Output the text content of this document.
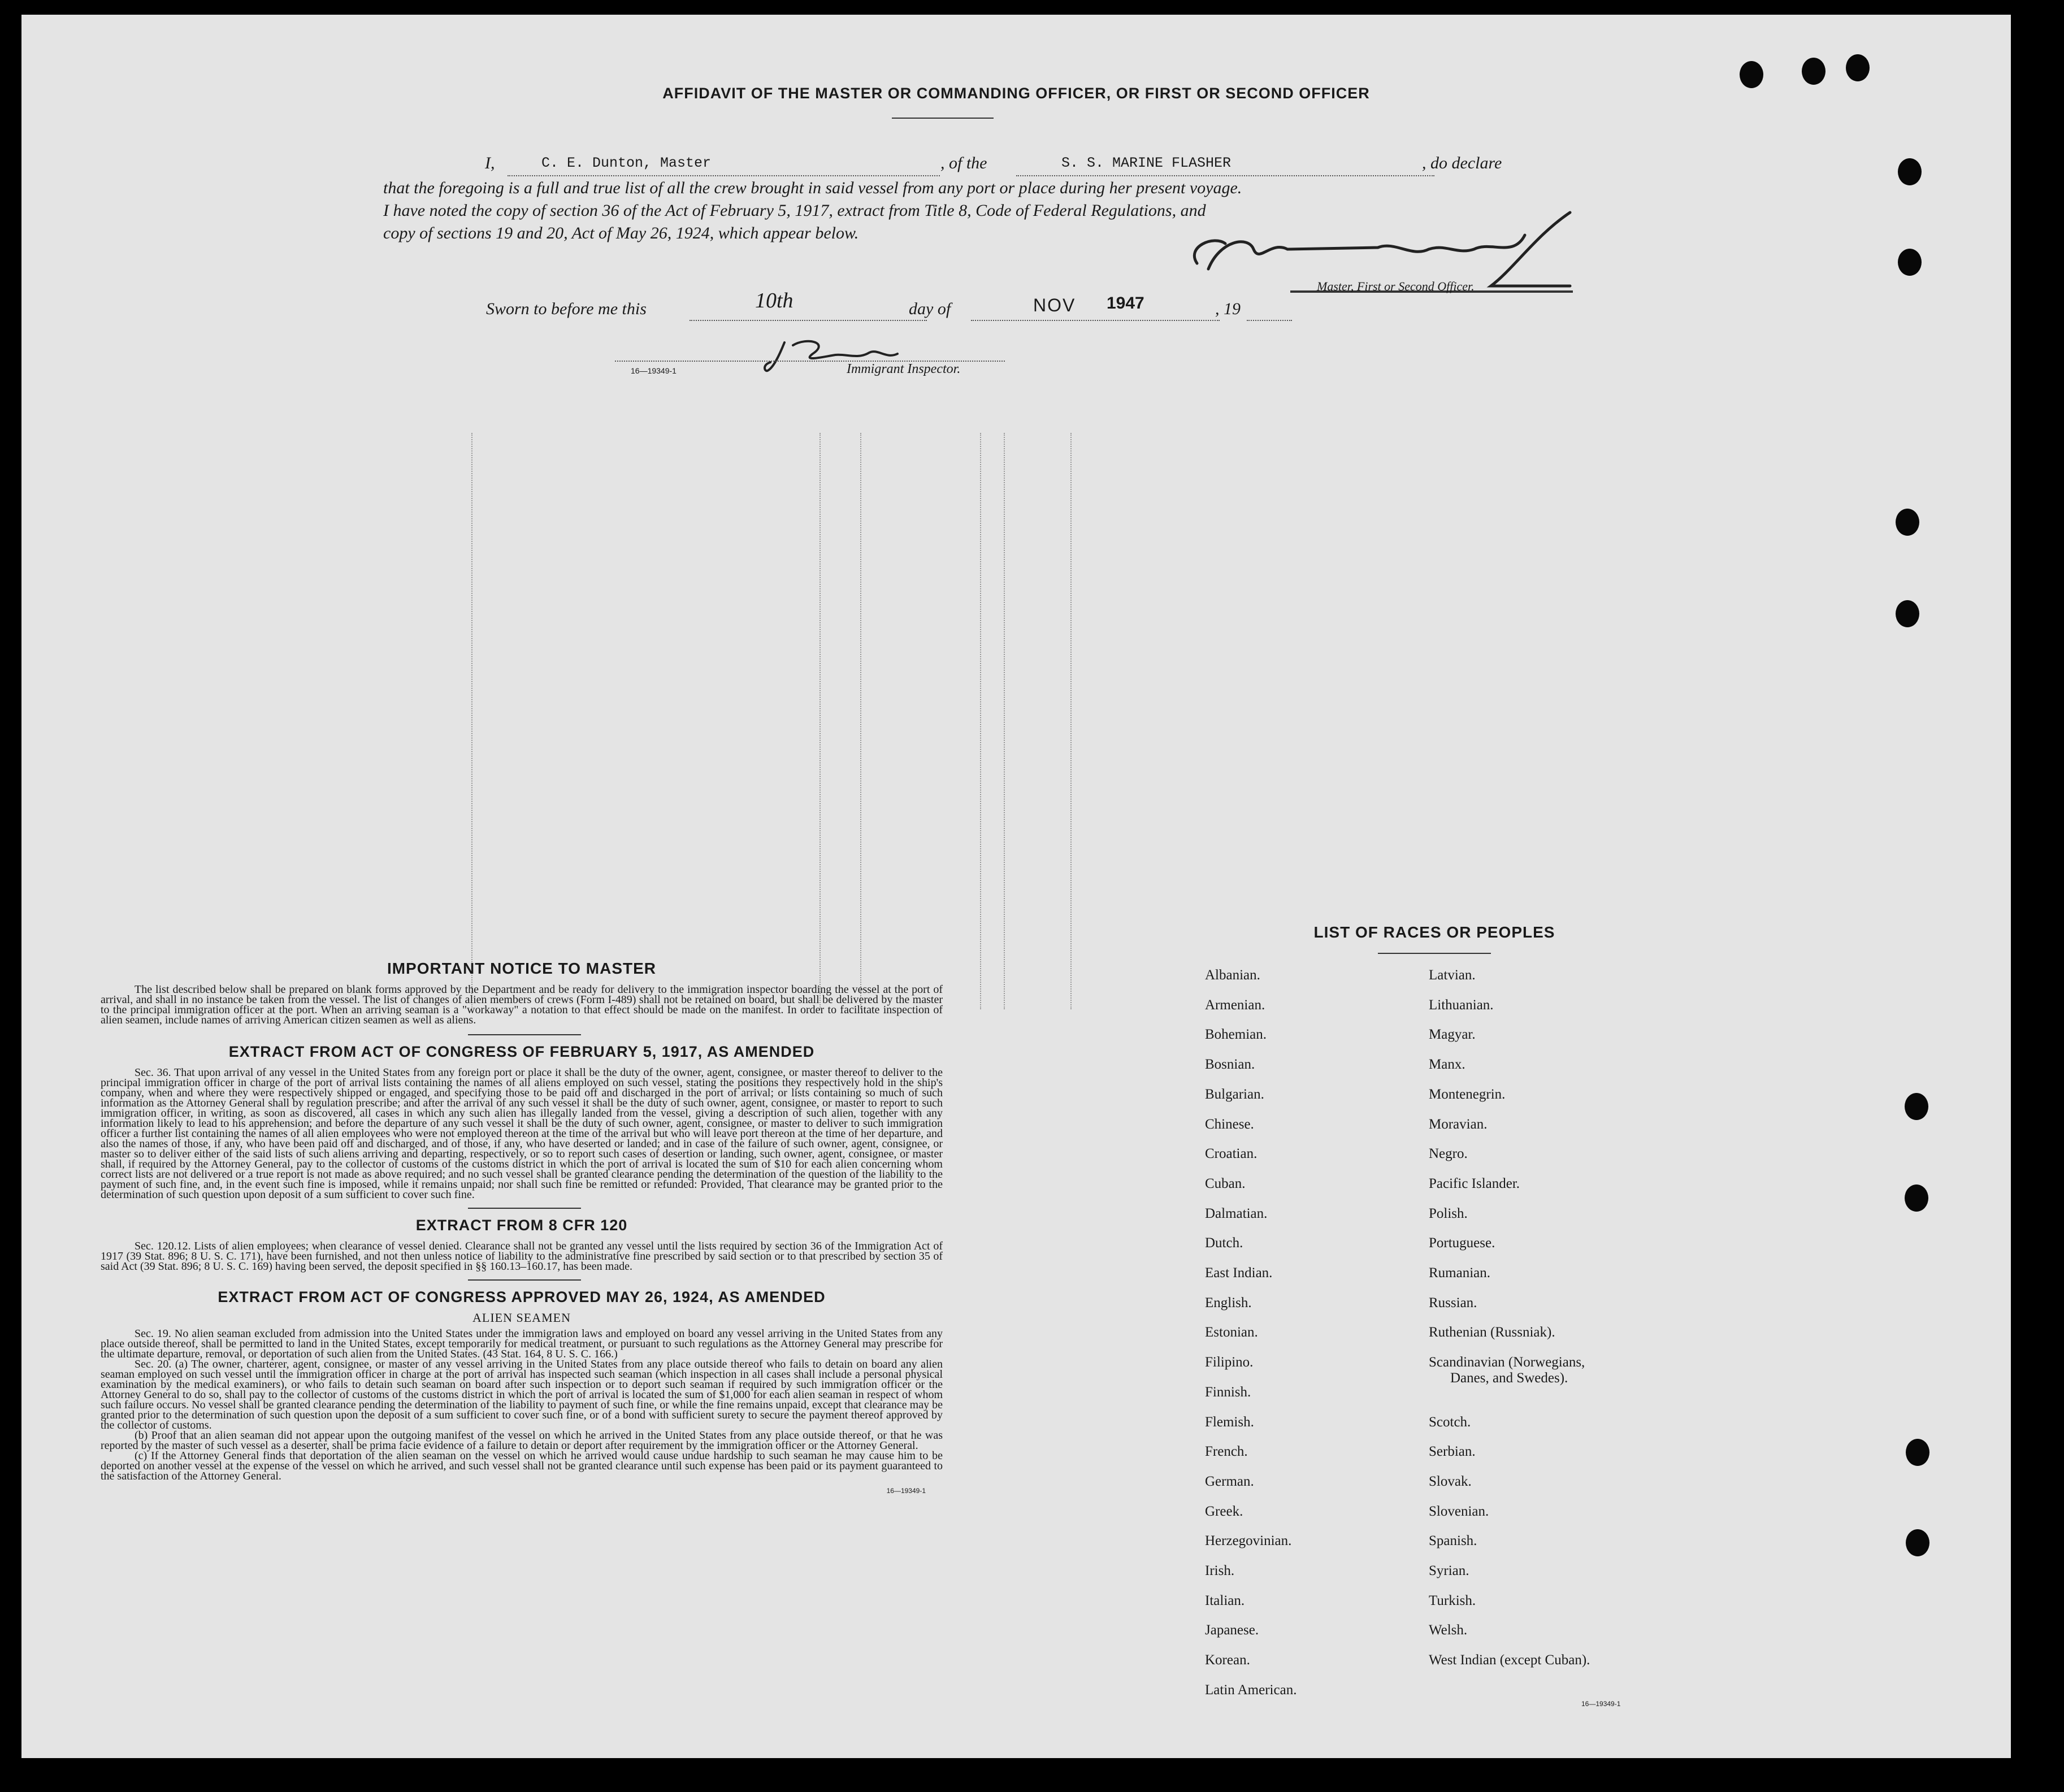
AFFIDAVIT OF THE MASTER OR COMMANDING OFFICER, OR FIRST OR SECOND OFFICER
I,	C. E. Dunton, Master	, of the	S. S. MARINE FLASHER	, do declare
that the foregoing is a full and true list of all the crew brought in said vessel from any port or place during her present voyage.
I have noted the copy of section 36 of the Act of February 5, 1917, extract from Title 8, Code of Federal Regulations, and
copy of sections 19 and 20, Act of May 26, 1924, which appear below.
Master, First or Second Officer.
Sworn to before me this	10th	day of	NOV 1947	, 19
16—19349-1	Immigrant Inspector.
IMPORTANT NOTICE TO MASTER

The list described below shall be prepared on blank forms approved by the Department and be ready for delivery to the immigration inspector boarding the vessel at the port of arrival, and shall in no instance be taken from the vessel. The list of changes of alien members of crews (Form I-489) shall not be retained on board, but shall be delivered by the master to the principal immigration officer at the port. When an arriving seaman is a "workaway" a notation to that effect should be made on the manifest. In order to facilitate inspection of alien seamen, include names of arriving American citizen seamen as well as aliens.

EXTRACT FROM ACT OF CONGRESS OF FEBRUARY 5, 1917, AS AMENDED

Sec. 36. That upon arrival of any vessel in the United States from any foreign port or place it shall be the duty of the owner, agent, consignee, or master thereof to deliver to the principal immigration officer in charge of the port of arrival lists containing the names of all aliens employed on such vessel, stating the positions they respectively hold in the ship's company, when and where they were respectively shipped or engaged, and specifying those to be paid off and discharged in the port of arrival; or lists containing so much of such information as the Attorney General shall by regulation prescribe; and after the arrival of any such vessel it shall be the duty of such owner, agent, consignee, or master to report to such immigration officer, in writing, as soon as discovered, all cases in which any such alien has illegally landed from the vessel, giving a description of such alien, together with any information likely to lead to his apprehension; and before the departure of any such vessel it shall be the duty of such owner, agent, consignee, or master to deliver to such immigration officer a further list containing the names of all alien employees who were not employed thereon at the time of the arrival but who will leave port thereon at the time of her departure, and also the names of those, if any, who have been paid off and discharged, and of those, if any, who have deserted or landed; and in case of the failure of such owner, agent, consignee, or master so to deliver either of the said lists of such aliens arriving and departing, respectively, or so to report such cases of desertion or landing, such owner, agent, consignee, or master shall, if required by the Attorney General, pay to the collector of customs of the customs district in which the port of arrival is located the sum of $10 for each alien concerning whom correct lists are not delivered or a true report is not made as above required; and no such vessel shall be granted clearance pending the determination of the question of the liability to the payment of such fine, and, in the event such fine is imposed, while it remains unpaid; nor shall such fine be remitted or refunded: Provided, That clearance may be granted prior to the determination of such question upon deposit of a sum sufficient to cover such fine.

EXTRACT FROM 8 CFR 120

Sec. 120.12. Lists of alien employees; when clearance of vessel denied. Clearance shall not be granted any vessel until the lists required by section 36 of the Immigration Act of 1917 (39 Stat. 896; 8 U. S. C. 171), have been furnished, and not then unless notice of liability to the administrative fine prescribed by said section or to that prescribed by section 35 of said Act (39 Stat. 896; 8 U. S. C. 169) having been served, the deposit specified in §§ 160.13–160.17, has been made.

EXTRACT FROM ACT OF CONGRESS APPROVED MAY 26, 1924, AS AMENDED
ALIEN SEAMEN

Sec. 19. No alien seaman excluded from admission into the United States under the immigration laws and employed on board any vessel arriving in the United States from any place outside thereof, shall be permitted to land in the United States, except temporarily for medical treatment, or pursuant to such regulations as the Attorney General may prescribe for the ultimate departure, removal, or deportation of such alien from the United States. (43 Stat. 164, 8 U. S. C. 166.)

Sec. 20. (a) The owner, charterer, agent, consignee, or master of any vessel arriving in the United States from any place outside thereof who fails to detain on board any alien seaman employed on such vessel until the immigration officer in charge at the port of arrival has inspected such seaman (which inspection in all cases shall include a personal physical examination by the medical examiners), or who fails to detain such seaman on board after such inspection or to deport such seaman if required by such immigration officer or the Attorney General to do so, shall pay to the collector of customs of the customs district in which the port of arrival is located the sum of $1,000 for each alien seaman in respect of whom such failure occurs. No vessel shall be granted clearance pending the determination of the liability to payment of such fine, or while the fine remains unpaid, except that clearance may be granted prior to the determination of such question upon the deposit of a sum sufficient to cover such fine, or of a bond with sufficient surety to secure the payment thereof approved by the collector of customs.

(b) Proof that an alien seaman did not appear upon the outgoing manifest of the vessel on which he arrived in the United States from any place outside thereof, or that he was reported by the master of such vessel as a deserter, shall be prima facie evidence of a failure to detain or deport after requirement by the immigration officer or the Attorney General.

(c) If the Attorney General finds that deportation of the alien seaman on the vessel on which he arrived would cause undue hardship to such seaman he may cause him to be deported on another vessel at the expense of the vessel on which he arrived, and such vessel shall not be granted clearance until such expense has been paid or its payment guaranteed to the satisfaction of the Attorney General.

16—19349-1
LIST OF RACES OR PEOPLES
Albanian.
Armenian.
Bohemian.
Bosnian.
Bulgarian.
Chinese.
Croatian.
Cuban.
Dalmatian.
Dutch.
East Indian.
English.
Estonian.
Filipino.
Finnish.
Flemish.
French.
German.
Greek.
Herzegovinian.
Irish.
Italian.
Japanese.
Korean.
Latin American.
Latvian.
Lithuanian.
Magyar.
Manx.
Montenegrin.
Moravian.
Negro.
Pacific Islander.
Polish.
Portuguese.
Rumanian.
Russian.
Ruthenian (Russniak).
Scandinavian (Norwegians,
Danes, and Swedes).
Scotch.
Serbian.
Slovak.
Slovenian.
Spanish.
Syrian.
Turkish.
Welsh.
West Indian (except Cuban).
16—19349-1
